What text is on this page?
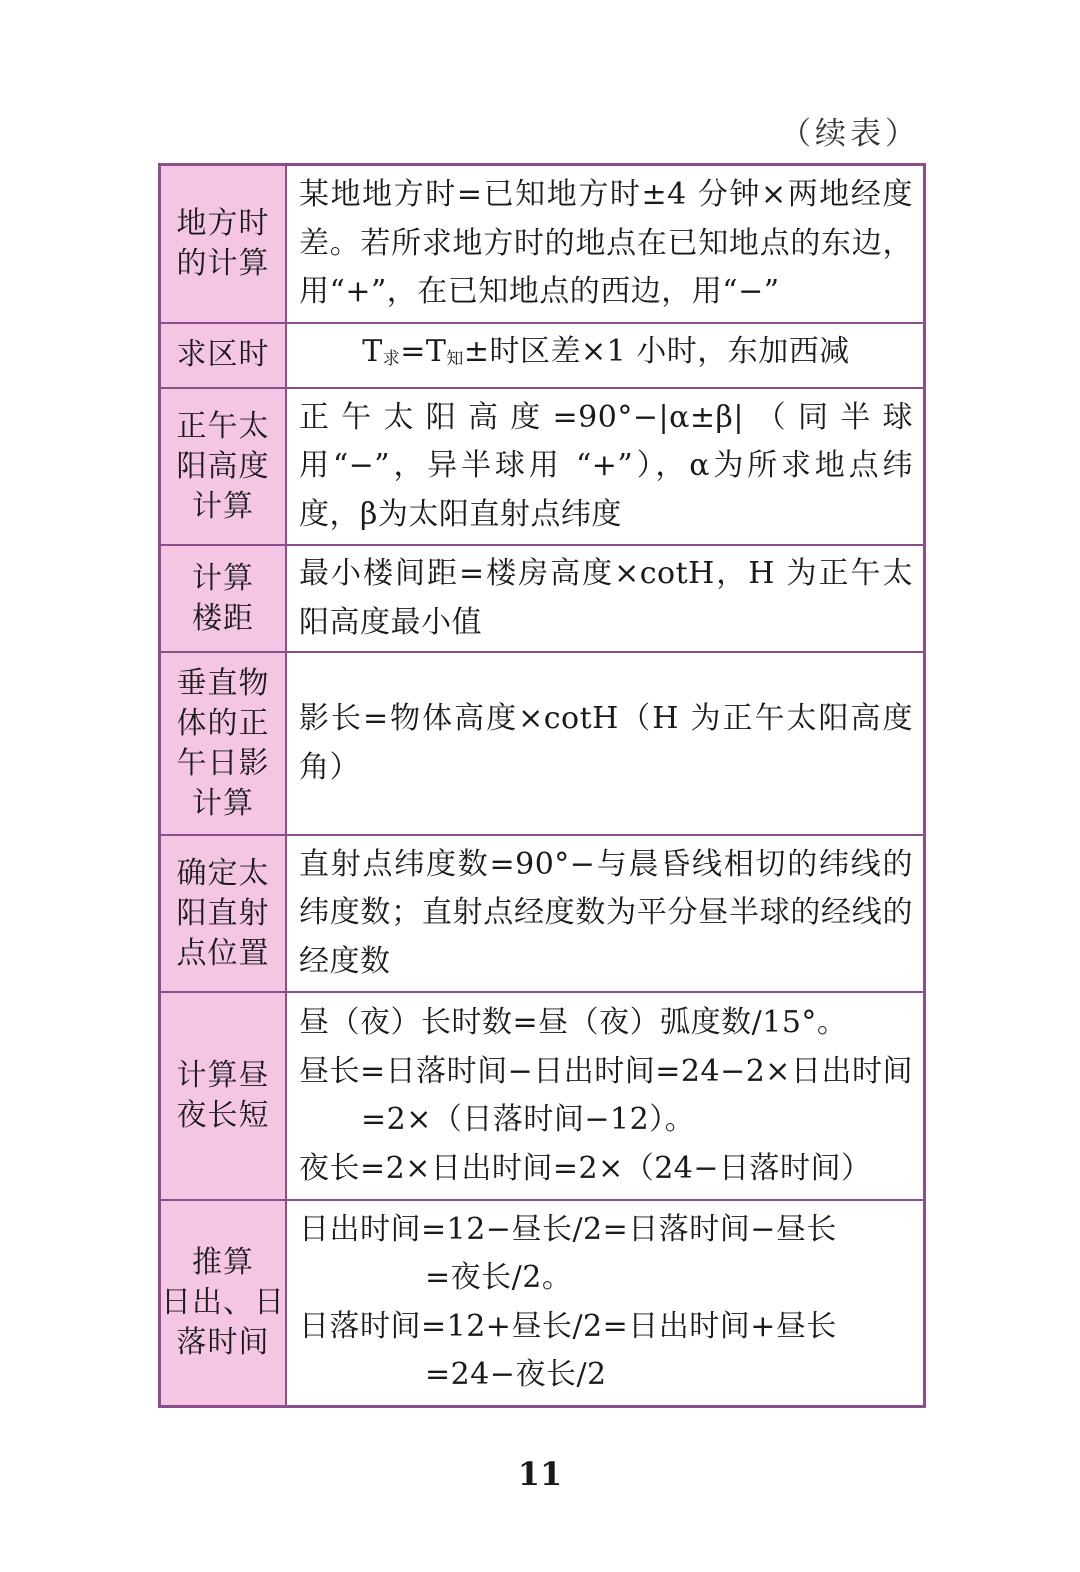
（续表）
地方时
的计算	某地地方时=已知地方时±4 分钟×两地经度差。若所求地方时的地点在已知地点的东边，用“+”，在已知地点的西边，用“−”

求区时	$T_求=T_知\pm$时区差×1 小时，东加西减

正午太
阳高度
计算	正午太阳高度=90°−|α±β|（同半球用“−”，异半球用 “+”），α为所求地点纬度，β为太阳直射点纬度

计算
楼距	最小楼间距=楼房高度×cotH，H 为正午太阳高度最小值

垂直物
体的正
午日影
计算	影长=物体高度×cotH（H 为正午太阳高度角）

确定太
阳直射
点位置	直射点纬度数=90°−与晨昏线相切的纬线的纬度数；直射点经度数为平分昼半球的经线的经度数

计算昼
夜长短	昼（夜）长时数=昼（夜）弧度数/15°。
昼长=日落时间−日出时间=24−2×日出时间
=2×（日落时间−12）。
夜长=2×日出时间=2×（24−日落时间）

推算
日出、日
落时间	日出时间=12−昼长/2=日落时间−昼长
=夜长/2。
日落时间=12+昼长/2=日出时间+昼长
=24−夜长/2
11
